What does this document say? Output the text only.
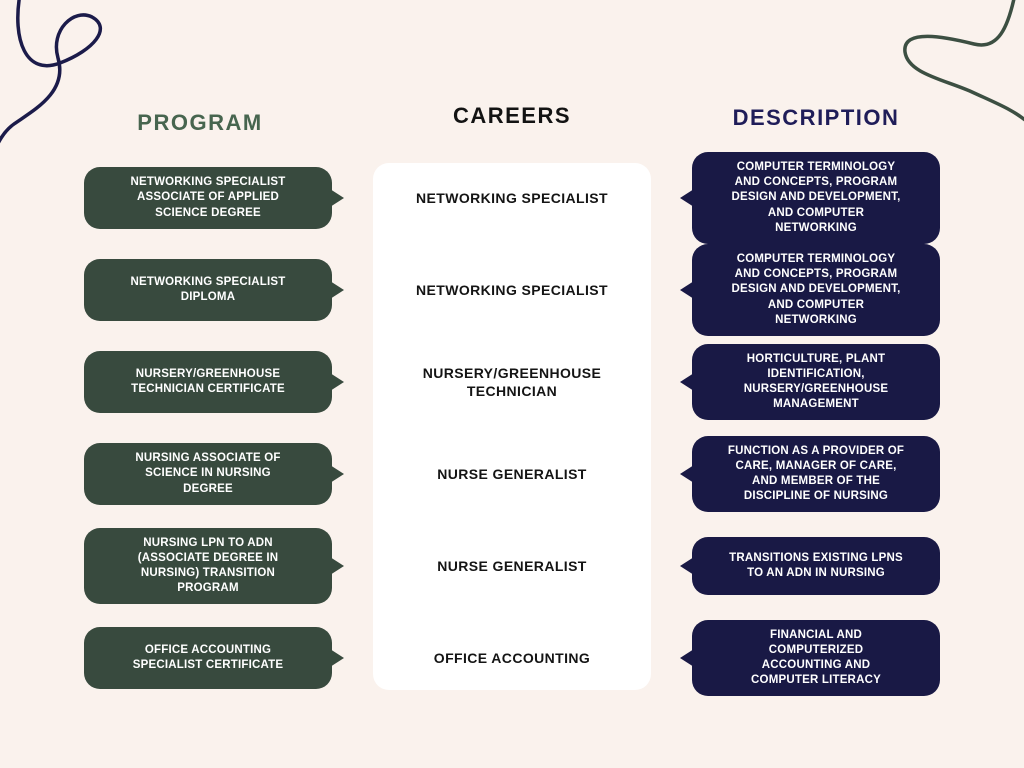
PROGRAM	CAREERS	DESCRIPTION
NETWORKING SPECIALIST ASSOCIATE OF APPLIED SCIENCE DEGREE
NETWORKING SPECIALIST DIPLOMA
NURSERY/GREENHOUSE TECHNICIAN CERTIFICATE
NURSING ASSOCIATE OF SCIENCE IN NURSING DEGREE
NURSING LPN TO ADN (ASSOCIATE DEGREE IN NURSING) TRANSITION PROGRAM
OFFICE ACCOUNTING SPECIALIST CERTIFICATE
NETWORKING SPECIALIST
NETWORKING SPECIALIST
NURSERY/GREENHOUSE TECHNICIAN
NURSE GENERALIST
NURSE GENERALIST
OFFICE ACCOUNTING
COMPUTER TERMINOLOGY AND CONCEPTS, PROGRAM DESIGN AND DEVELOPMENT, AND COMPUTER NETWORKING
COMPUTER TERMINOLOGY AND CONCEPTS, PROGRAM DESIGN AND DEVELOPMENT, AND COMPUTER NETWORKING
HORTICULTURE, PLANT IDENTIFICATION, NURSERY/GREENHOUSE MANAGEMENT
FUNCTION AS A PROVIDER OF CARE, MANAGER OF CARE, AND MEMBER OF THE DISCIPLINE OF NURSING
TRANSITIONS EXISTING LPNS TO AN ADN IN NURSING
FINANCIAL AND COMPUTERIZED ACCOUNTING AND COMPUTER LITERACY
